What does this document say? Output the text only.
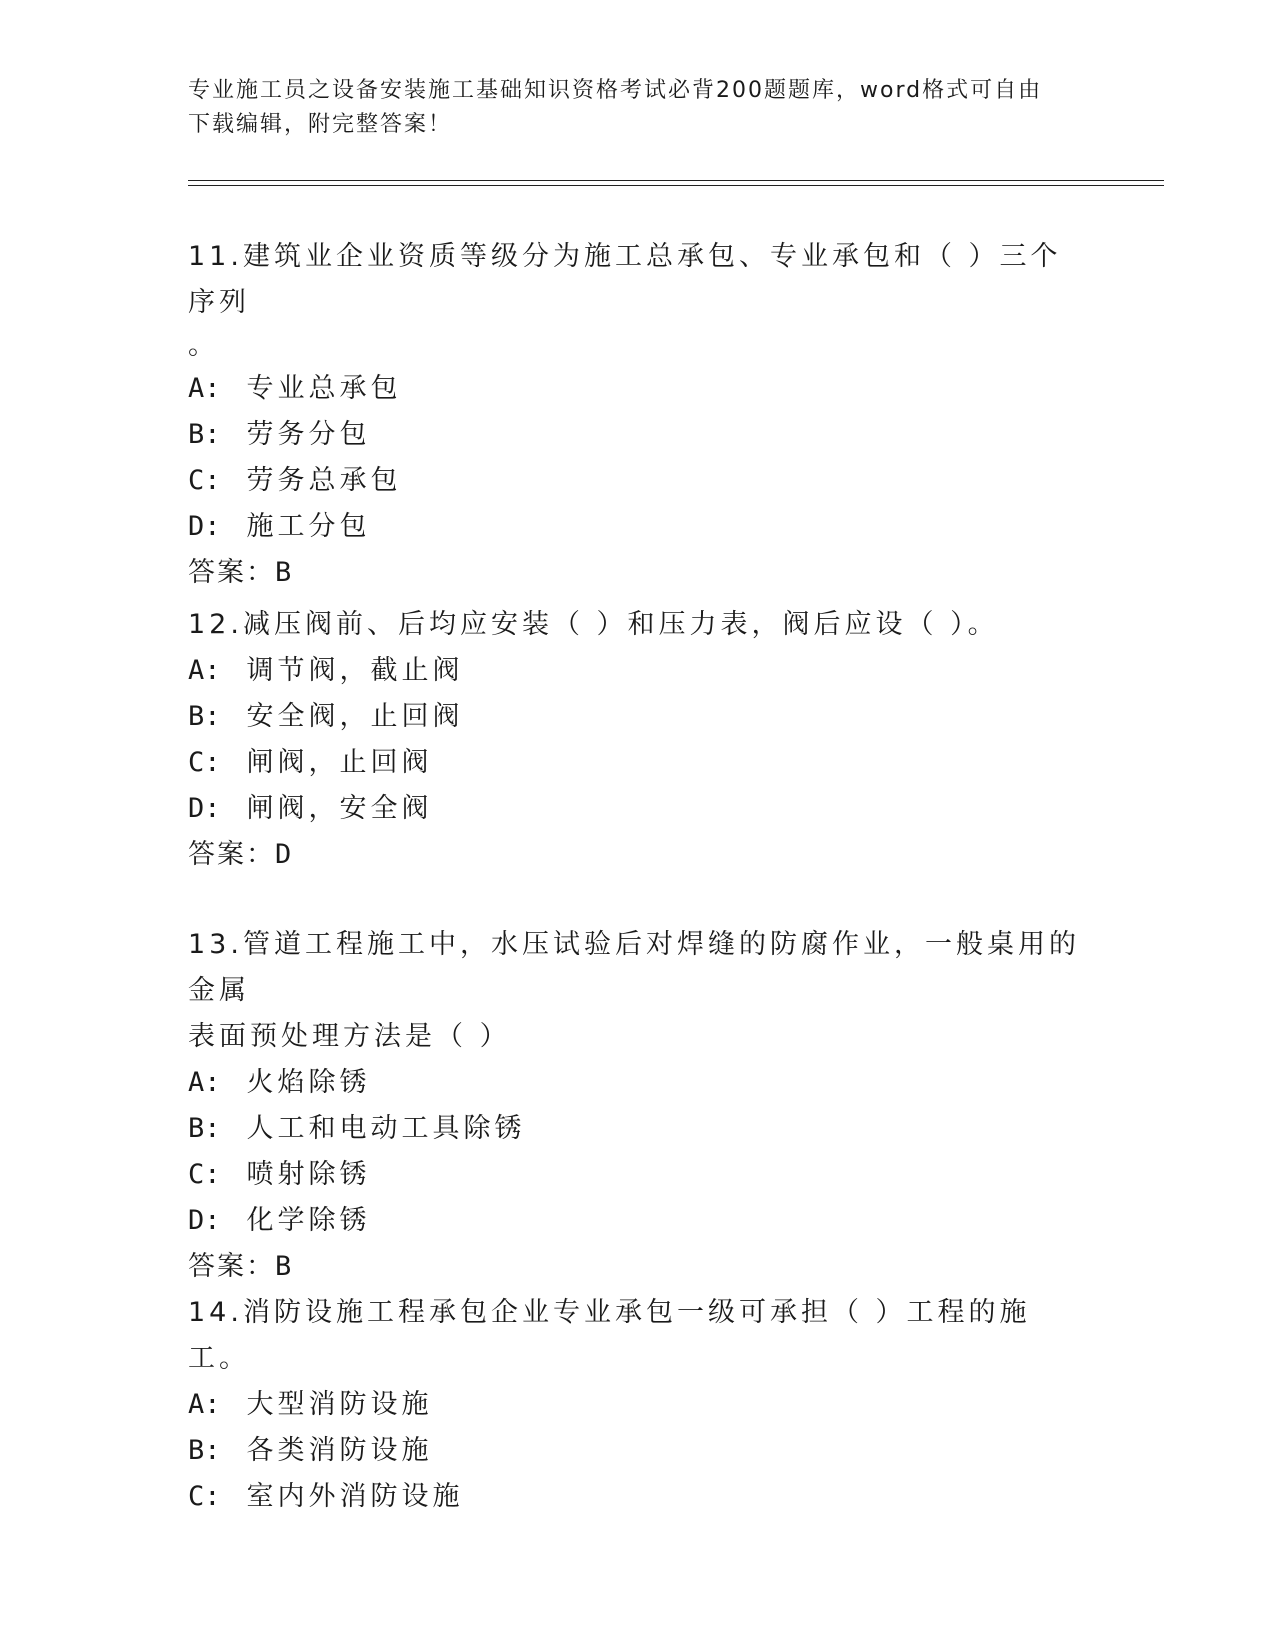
专业施工员之设备安装施工基础知识资格考试必背200题题库，word格式可自由
下载编辑，附完整答案！

11.建筑业企业资质等级分为施工总承包、专业承包和（ ）三个序列

。

A: 专业总承包

B: 劳务分包

C: 劳务总承包

D: 施工分包

答案：B

12.减压阀前、后均应安装（ ）和压力表，阀后应设（ ）。

A: 调节阀，截止阀

B: 安全阀，止回阀

C: 闸阀，止回阀

D: 闸阀，安全阀

答案：D

13.管道工程施工中，水压试验后对焊缝的防腐作业，一般桌用的金属

表面预处理方法是（ ）

A: 火焰除锈

B: 人工和电动工具除锈

C: 喷射除锈

D: 化学除锈

答案：B

14.消防设施工程承包企业专业承包一级可承担（ ）工程的施工。

A: 大型消防设施

B: 各类消防设施

C: 室内外消防设施
